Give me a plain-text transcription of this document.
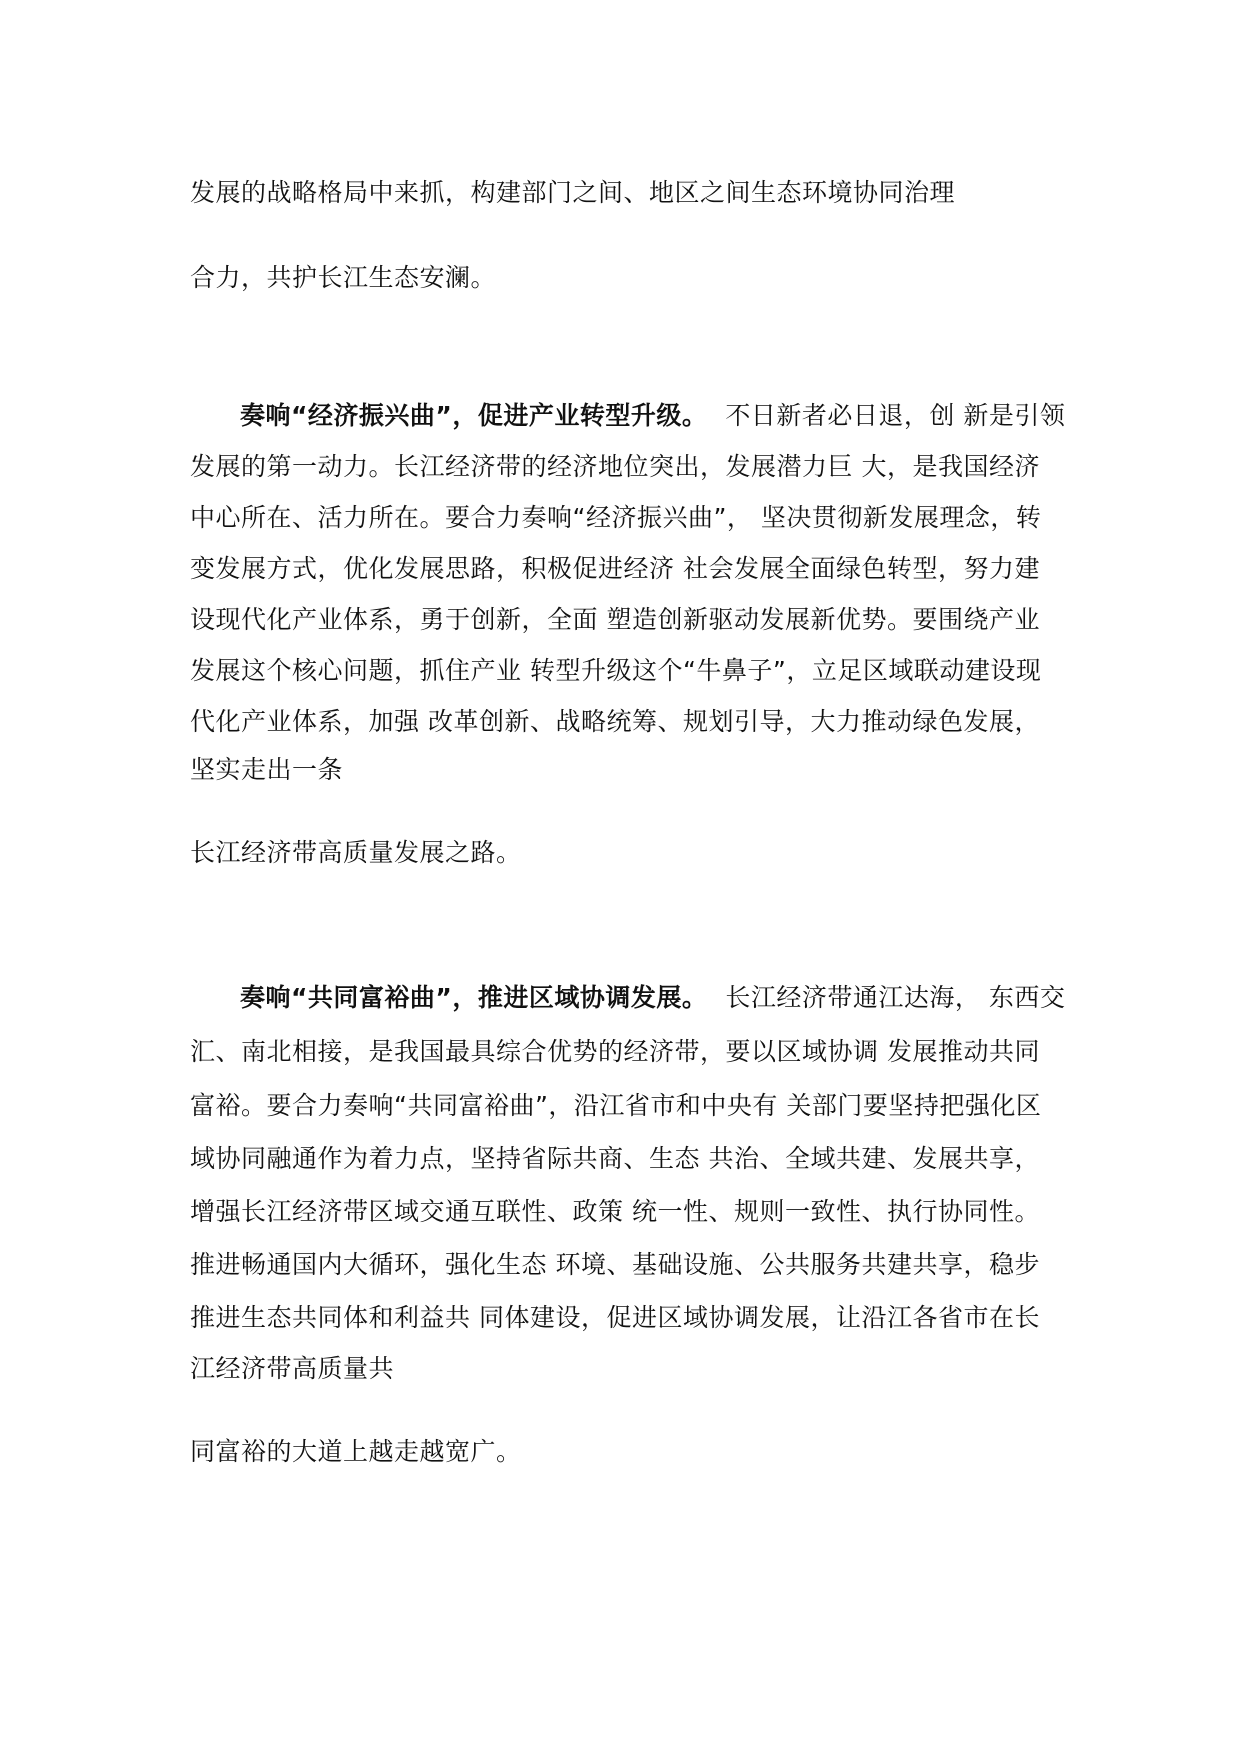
发展的战略格局中来抓，构建部门之间、地区之间生态环境协同治理
合力，共护长江生态安澜。
奏响“经济振兴曲”，促进产业转型升级。 不日新者必日退，创 新是引领
发展的第一动力。长江经济带的经济地位突出，发展潜力巨 大，是我国经济
中心所在、活力所在。要合力奏响“经济振兴曲”， 坚决贯彻新发展理念，转
变发展方式，优化发展思路，积极促进经济 社会发展全面绿色转型，努力建
设现代化产业体系，勇于创新，全面 塑造创新驱动发展新优势。要围绕产业
发展这个核心问题，抓住产业 转型升级这个“牛鼻子”，立足区域联动建设现
代化产业体系，加强 改革创新、战略统筹、规划引导，大力推动绿色发展，
坚实走出一条
长江经济带高质量发展之路。
奏响“共同富裕曲”，推进区域协调发展。 长江经济带通江达海， 东西交
汇、南北相接，是我国最具综合优势的经济带，要以区域协调 发展推动共同
富裕。要合力奏响“共同富裕曲”，沿江省市和中央有 关部门要坚持把强化区
域协同融通作为着力点，坚持省际共商、生态 共治、全域共建、发展共享，
增强长江经济带区域交通互联性、政策 统一性、规则一致性、执行协同性。
推进畅通国内大循环，强化生态 环境、基础设施、公共服务共建共享，稳步
推进生态共同体和利益共 同体建设，促进区域协调发展，让沿江各省市在长
江经济带高质量共
同富裕的大道上越走越宽广。
